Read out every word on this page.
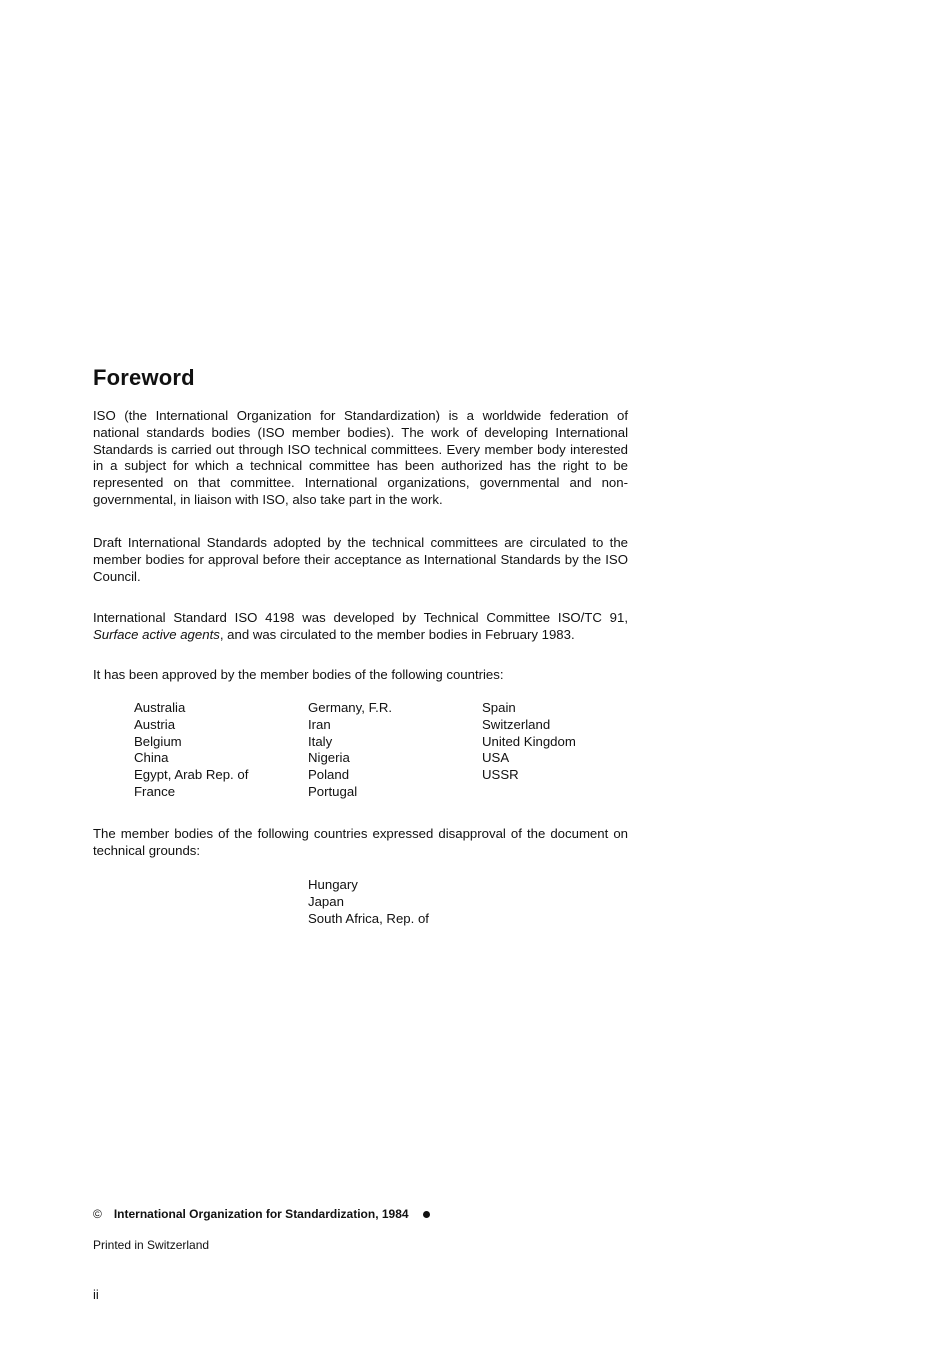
Foreword

ISO (the International Organization for Standardization) is a worldwide federation of national standards bodies (ISO member bodies). The work of developing International Standards is carried out through ISO technical committees. Every member body interested in a subject for which a technical committee has been authorized has the right to be represented on that committee. International organizations, governmental and non-governmental, in liaison with ISO, also take part in the work.

Draft International Standards adopted by the technical committees are circulated to the member bodies for approval before their acceptance as International Standards by the ISO Council.

International Standard ISO 4198 was developed by Technical Committee ISO/TC 91, Surface active agents, and was circulated to the member bodies in February 1983.

It has been approved by the member bodies of the following countries:

Australia
Austria
Belgium
China
Egypt, Arab Rep. of
France
Germany, F.R.
Iran
Italy
Nigeria
Poland
Portugal
Spain
Switzerland
United Kingdom
USA
USSR

The member bodies of the following countries expressed disapproval of the document on technical grounds:

Hungary
Japan
South Africa, Rep. of
© International Organization for Standardization, 1984
Printed in Switzerland
ii
